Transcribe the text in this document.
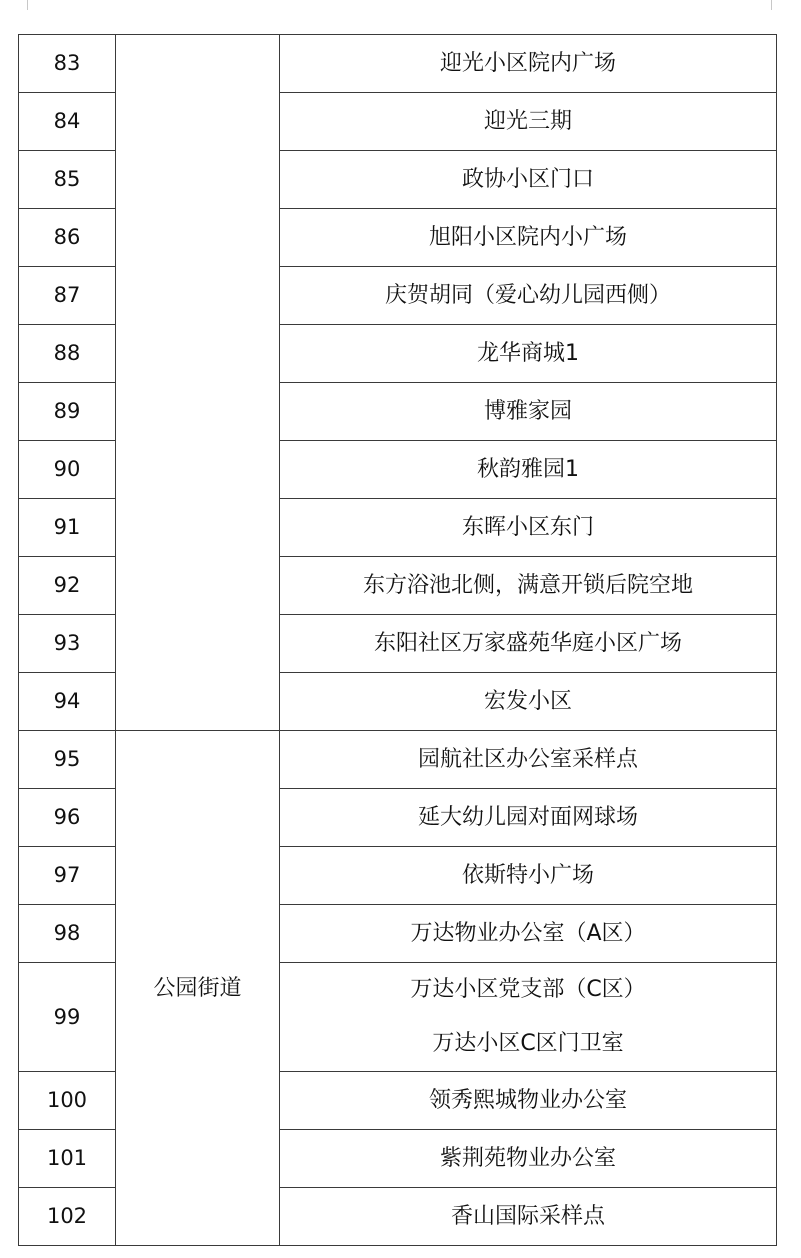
83		迎光小区院内广场
84		迎光三期
85		政协小区门口
86		旭阳小区院内小广场
87		庆贺胡同（爱心幼儿园西侧）
88		龙华商城1
89		博雅家园
90		秋韵雅园1
91		东晖小区东门
92		东方浴池北侧，满意开锁后院空地
93		东阳社区万家盛苑华庭小区广场
94		宏发小区
95	公园街道	园航社区办公室采样点
96		延大幼儿园对面网球场
97		依斯特小广场
98		万达物业办公室（A区）
99		万达小区党支部（C区）
万达小区C区门卫室

100		领秀熙城物业办公室
101		紫荆苑物业办公室
102		香山国际采样点
